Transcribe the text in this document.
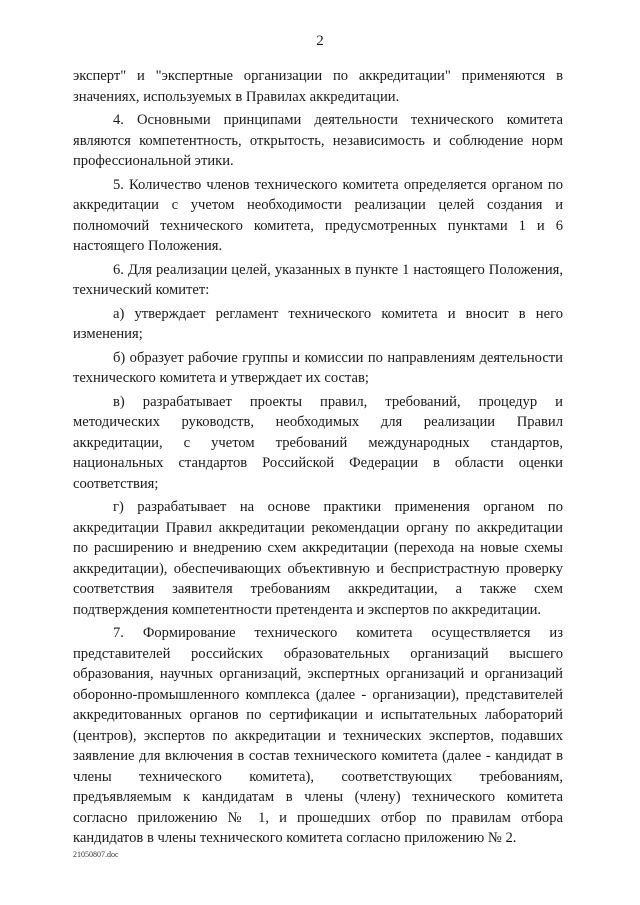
2

эксперт" и "экспертные организации по аккредитации" применяются в значениях, используемых в Правилах аккредитации.

4. Основными принципами деятельности технического комитета являются компетентность, открытость, независимость и соблюдение норм профессиональной этики.

5. Количество членов технического комитета определяется органом по аккредитации с учетом необходимости реализации целей создания и полномочий технического комитета, предусмотренных пунктами 1 и 6 настоящего Положения.

6. Для реализации целей, указанных в пункте 1 настоящего Положения, технический комитет:

а) утверждает регламент технического комитета и вносит в него изменения;

б) образует рабочие группы и комиссии по направлениям деятельности технического комитета и утверждает их состав;

в) разрабатывает проекты правил, требований, процедур и методических руководств, необходимых для реализации Правил аккредитации, с учетом требований международных стандартов, национальных стандартов Российской Федерации в области оценки соответствия;

г) разрабатывает на основе практики применения органом по аккредитации Правил аккредитации рекомендации органу по аккредитации по расширению и внедрению схем аккредитации (перехода на новые схемы аккредитации), обеспечивающих объективную и беспристрастную проверку соответствия заявителя требованиям аккредитации, а также схем подтверждения компетентности претендента и экспертов по аккредитации.

7. Формирование технического комитета осуществляется из представителей российских образовательных организаций высшего образования, научных организаций, экспертных организаций и организаций оборонно-промышленного комплекса (далее - организации), представителей аккредитованных органов по сертификации и испытательных лабораторий (центров), экспертов по аккредитации и технических экспертов, подавших заявление для включения в состав технического комитета (далее - кандидат в члены технического комитета), соответствующих требованиям, предъявляемым к кандидатам в члены (члену) технического комитета согласно приложению № 1, и прошедших отбор по правилам отбора кандидатов в члены технического комитета согласно приложению № 2.

21050807.doc
